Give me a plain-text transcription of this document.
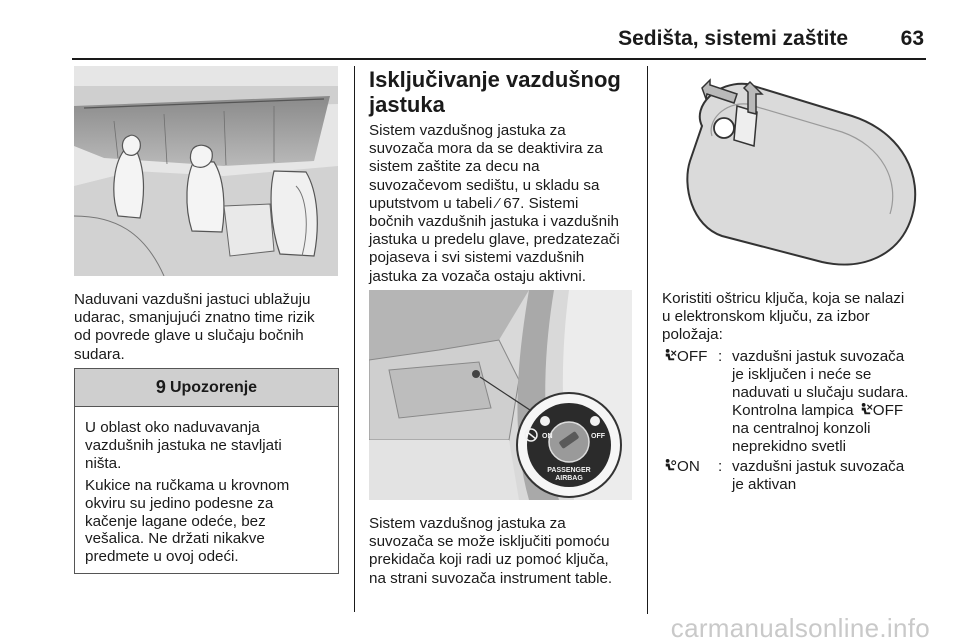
Sedišta, sistemi zaštite	63
Naduvani vazdušni jastuci ublažuju
udarac, smanjujući znatno time rizik
od povrede glave u slučaju bočnih
sudara.
9 Upozorenje
U oblast oko naduvavanja
vazdušnih jastuka ne stavljati
ništa.
Kukice na ručkama u krovnom
okviru su jedino podesne za
kačenje lagane odeće, bez
vešalica. Ne držati nikakve
predmete u ovoj odeći.
Isključivanje vazdušnog
jastuka
Sistem vazdušnog jastuka za
suvozača mora da se deaktivira za
sistem zaštite za decu na
suvozačevom sedištu, u skladu sa
uputstvom u tabeli ⁄ 67. Sistemi
bočnih vazdušnih jastuka i vazdušnih
jastuka u predelu glave, predzatezači
pojaseva i svi sistemi vazdušnih
jastuka za vozača ostaju aktivni.
ON	OFF
PASSENGER
AIRBAG
Sistem vazdušnog jastuka za
suvozača se može isključiti pomoću
prekidača koji radi uz pomoć ključa,
na strani suvozača instrument table.
Koristiti oštricu ključa, koja se nalazi
u elektronskom ključu, za izbor
položaja:
OFF : vazdušni jastuk suvozača
je isključen i neće se
naduvati u slučaju sudara.
Kontrolna lampica OFF
na centralnoj konzoli
neprekidno svetli
ON : vazdušni jastuk suvozača
je aktivan
carmanualsonline.info
